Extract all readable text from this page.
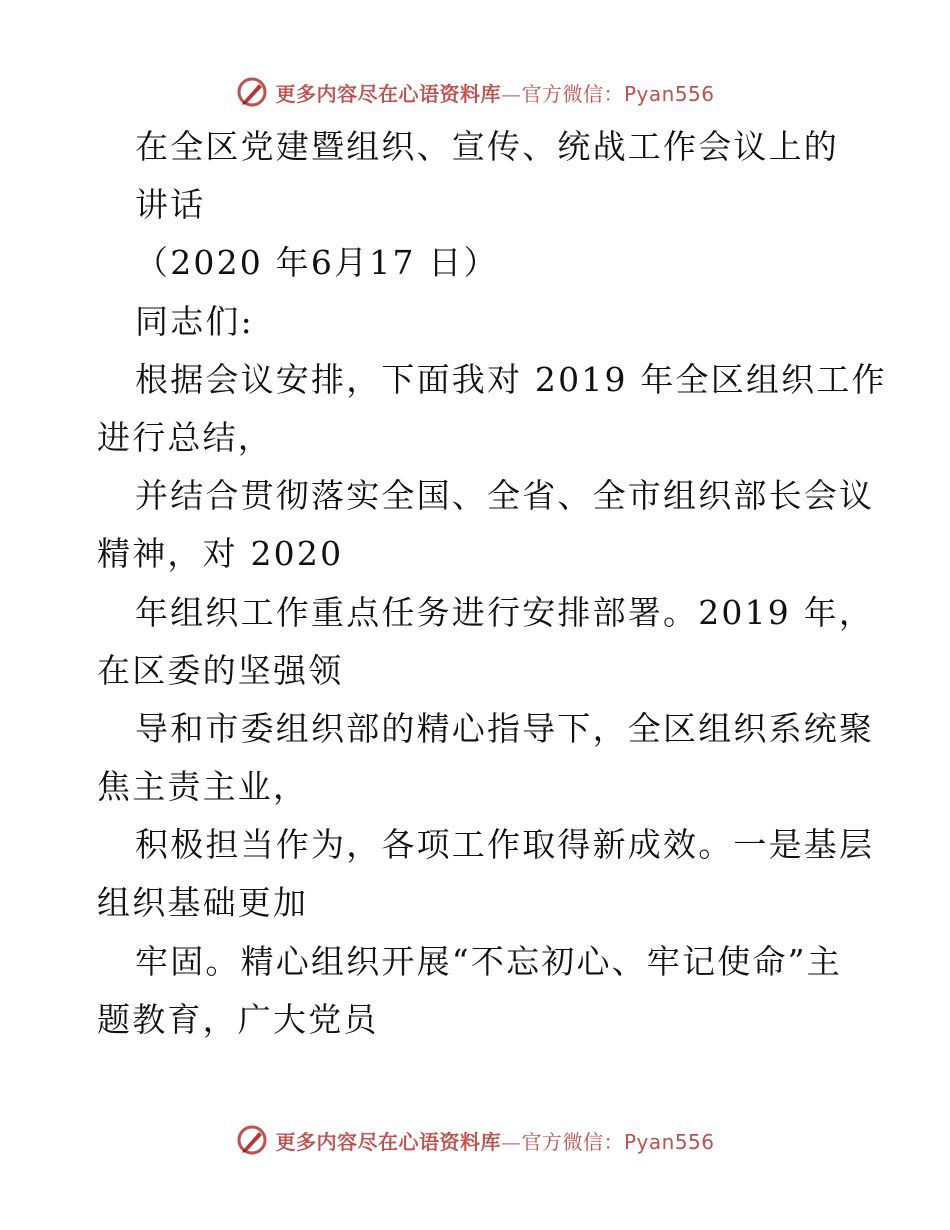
更多内容尽在心语资料库—官方微信：Pyan556
在全区党建暨组织、宣传、统战工作会议上的
讲话
（2020 年6月17 日）
同志们:
根据会议安排，下面我对 2019 年全区组织工作
进行总结，
并结合贯彻落实全国、全省、全市组织部长会议
精神，对 2020
年组织工作重点任务进行安排部署。2019 年，
在区委的坚强领
导和市委组织部的精心指导下，全区组织系统聚
焦主责主业，
积极担当作为，各项工作取得新成效。一是基层
组织基础更加
牢固。精心组织开展“不忘初心、牢记使命”主
题教育，广大党员
更多内容尽在心语资料库—官方微信：Pyan556
